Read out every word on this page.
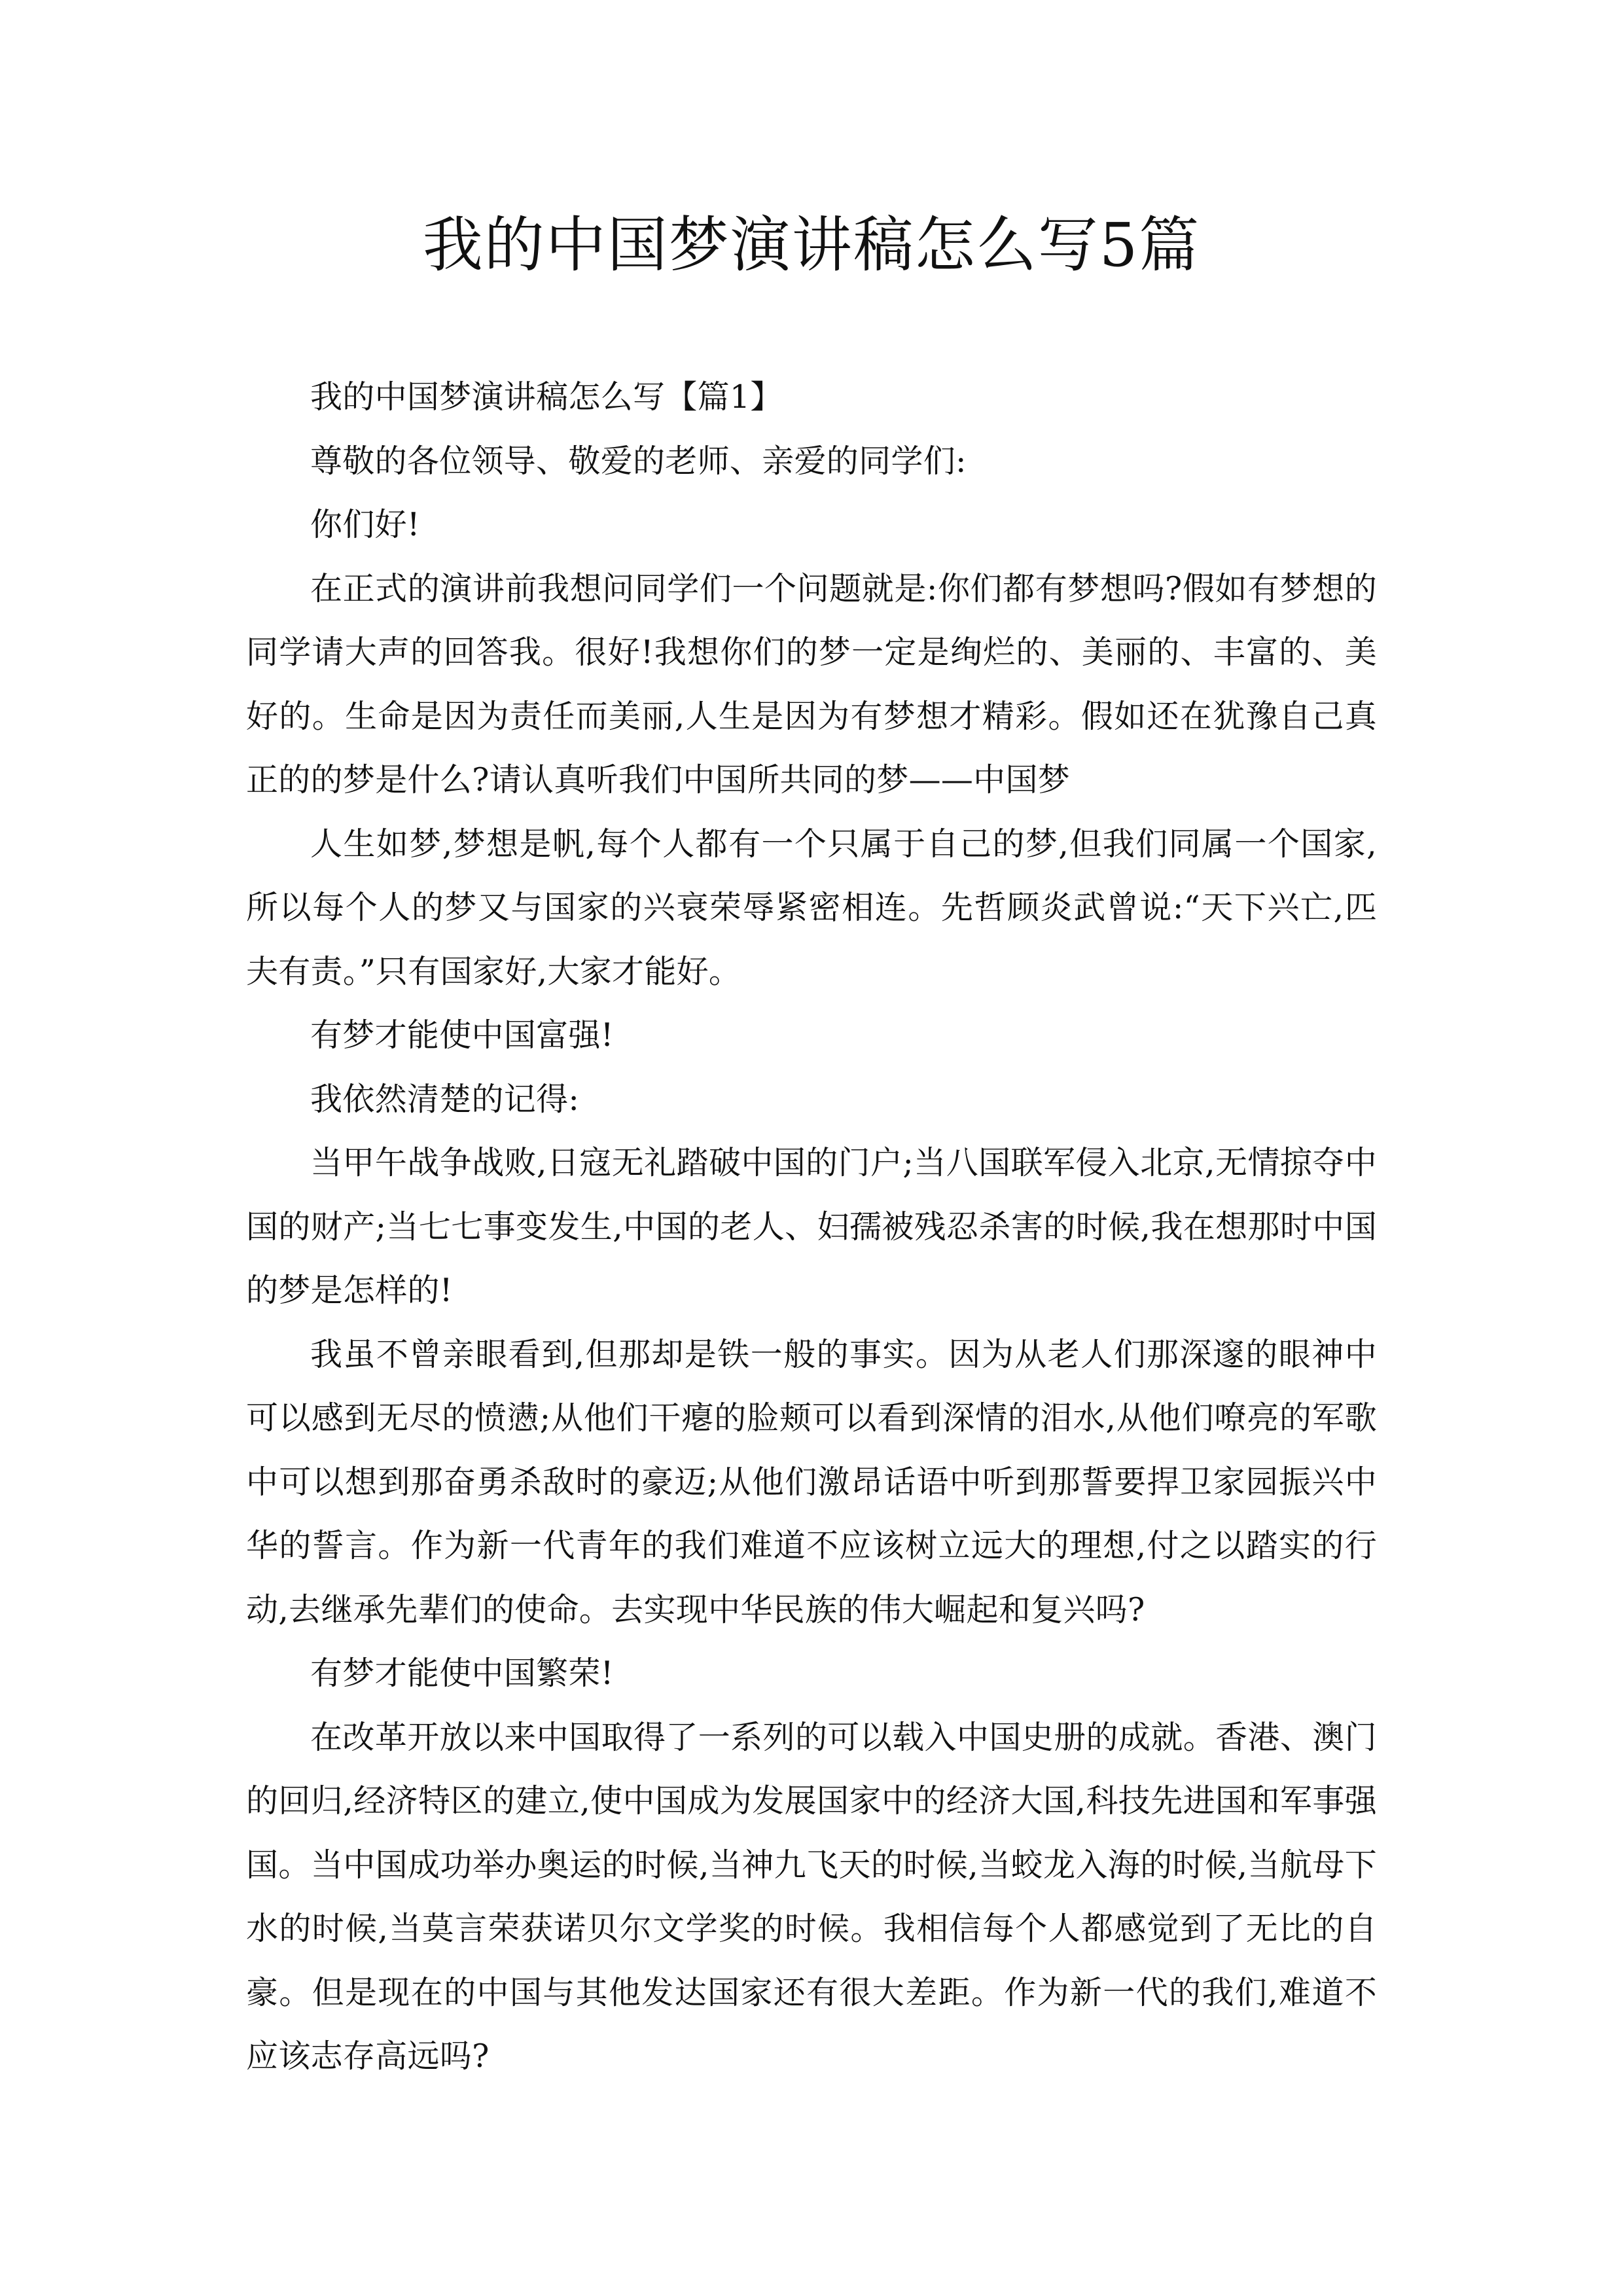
我的中国梦演讲稿怎么写5篇

我的中国梦演讲稿怎么写【篇1】

尊敬的各位领导、敬爱的老师、亲爱的同学们:

你们好!

在正式的演讲前我想问同学们一个问题就是:你们都有梦想吗?假如有梦想的同学请大声的回答我。很好!我想你们的梦一定是绚烂的、美丽的、丰富的、美好的。生命是因为责任而美丽,人生是因为有梦想才精彩。假如还在犹豫自己真正的的梦是什么?请认真听我们中国所共同的梦——中国梦

人生如梦,梦想是帆,每个人都有一个只属于自己的梦,但我们同属一个国家,所以每个人的梦又与国家的兴衰荣辱紧密相连。先哲顾炎武曾说:“天下兴亡,匹夫有责。”只有国家好,大家才能好。

有梦才能使中国富强!

我依然清楚的记得:

当甲午战争战败,日寇无礼踏破中国的门户;当八国联军侵入北京,无情掠夺中国的财产;当七七事变发生,中国的老人、妇孺被残忍杀害的时候,我在想那时中国的梦是怎样的!

我虽不曾亲眼看到,但那却是铁一般的事实。因为从老人们那深邃的眼神中可以感到无尽的愤懑;从他们干瘪的脸颊可以看到深情的泪水,从他们嘹亮的军歌中可以想到那奋勇杀敌时的豪迈;从他们激昂话语中听到那誓要捍卫家园振兴中华的誓言。作为新一代青年的我们难道不应该树立远大的理想,付之以踏实的行动,去继承先辈们的使命。去实现中华民族的伟大崛起和复兴吗?

有梦才能使中国繁荣!

在改革开放以来中国取得了一系列的可以载入中国史册的成就。香港、澳门的回归,经济特区的建立,使中国成为发展国家中的经济大国,科技先进国和军事强国。当中国成功举办奥运的时候,当神九飞天的时候,当蛟龙入海的时候,当航母下水的时候,当莫言荣获诺贝尔文学奖的时候。我相信每个人都感觉到了无比的自豪。但是现在的中国与其他发达国家还有很大差距。作为新一代的我们,难道不应该志存高远吗?
